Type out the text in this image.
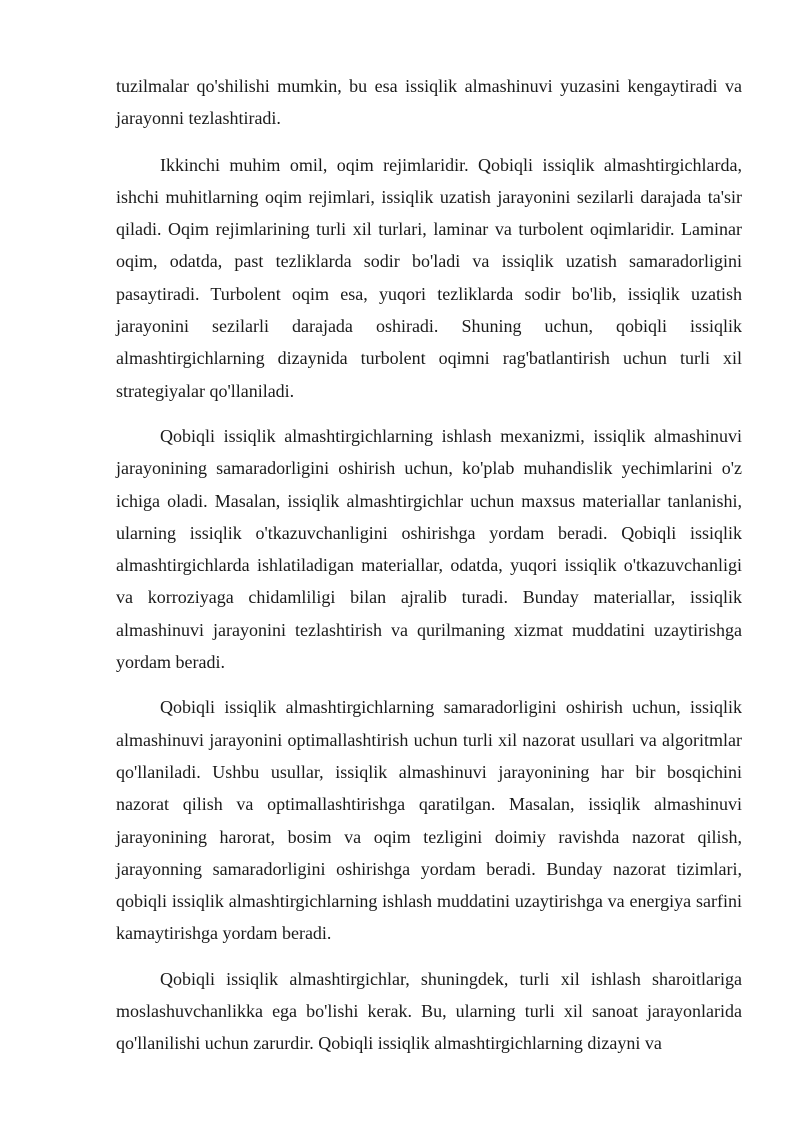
tuzilmalar qo'shilishi mumkin, bu esa issiqlik almashinuvi yuzasini kengaytiradi va jarayonni tezlashtiradi.

Ikkinchi muhim omil, oqim rejimlaridir. Qobiqli issiqlik almashtirgichlarda, ishchi muhitlarning oqim rejimlari, issiqlik uzatish jarayonini sezilarli darajada ta'sir qiladi. Oqim rejimlarining turli xil turlari, laminar va turbolent oqimlaridir. Laminar oqim, odatda, past tezliklarda sodir bo'ladi va issiqlik uzatish samaradorligini pasaytiradi. Turbolent oqim esa, yuqori tezliklarda sodir bo'lib, issiqlik uzatish jarayonini sezilarli darajada oshiradi. Shuning uchun, qobiqli issiqlik almashtirgichlarning dizaynida turbolent oqimni rag'batlantirish uchun turli xil strategiyalar qo'llaniladi.

Qobiqli issiqlik almashtirgichlarning ishlash mexanizmi, issiqlik almashinuvi jarayonining samaradorligini oshirish uchun, ko'plab muhandislik yechimlarini o'z ichiga oladi. Masalan, issiqlik almashtirgichlar uchun maxsus materiallar tanlanishi, ularning issiqlik o'tkazuvchanligini oshirishga yordam beradi. Qobiqli issiqlik almashtirgichlarda ishlatiladigan materiallar, odatda, yuqori issiqlik o'tkazuvchanligi va korroziyaga chidamliligi bilan ajralib turadi. Bunday materiallar, issiqlik almashinuvi jarayonini tezlashtirish va qurilmaning xizmat muddatini uzaytirishga yordam beradi.

Qobiqli issiqlik almashtirgichlarning samaradorligini oshirish uchun, issiqlik almashinuvi jarayonini optimallashtirish uchun turli xil nazorat usullari va algoritmlar qo'llaniladi. Ushbu usullar, issiqlik almashinuvi jarayonining har bir bosqichini nazorat qilish va optimallashtirishga qaratilgan. Masalan, issiqlik almashinuvi jarayonining harorat, bosim va oqim tezligini doimiy ravishda nazorat qilish, jarayonning samaradorligini oshirishga yordam beradi. Bunday nazorat tizimlari, qobiqli issiqlik almashtirgichlarning ishlash muddatini uzaytirishga va energiya sarfini kamaytirishga yordam beradi.

Qobiqli issiqlik almashtirgichlar, shuningdek, turli xil ishlash sharoitlariga moslashuvchanlikka ega bo'lishi kerak. Bu, ularning turli xil sanoat jarayonlarida qo'llanilishi uchun zarurdir. Qobiqli issiqlik almashtirgichlarning dizayni va
